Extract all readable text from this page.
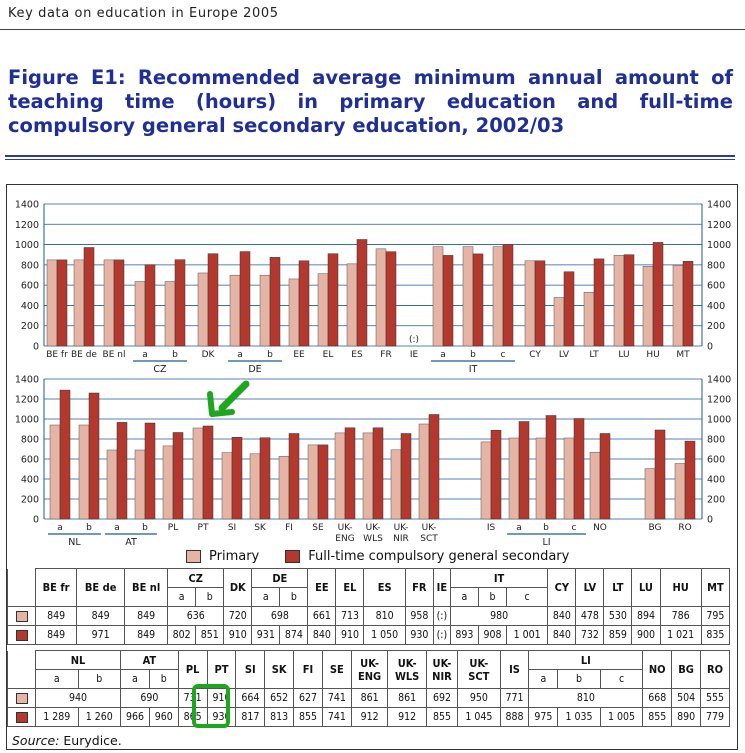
Key data on education in Europe 2005
Figure E1: Recommended average minimum annual amount of teaching time (hours) in primary education and full-time compulsory general secondary education, 2002/03
1400	1400
1200	1200
1000	1000
800	800
600	600
400	400
200	200
0	0
BE fr BE de BE nl a	b	DK	a	b EE EL ES FR IE a	b	c	CY LV LT LU HU MT
CZ	DE	IT
(:)
1400	1400
1200	1200
1000	1000
800	800
600	600
400	400
200	200
0	0
a	b a b PL PT SI SK FI SE UK-
ENG
UK-
WLS
UK-
NIR
UK-
SCT
IS a b	c NO	BG RO
NL	AT	LI
Primary	Full-time compulsory general secondary
	BE fr	BE de	BE nl	CZ		DK	DE		EE	EL	ES	FR	IE	IT			CY	LV	LT	LU	HU	MT
				a	b		a	b						a	b	c						
	849	849	849	636		720	698		661	713	810	958	(:)	980			840	478	530	894	786	795
	849	971	849	802	851	910	931	874	840	910	1 050	930	(:)	893	908	1 001	840	732	859	900	1 021	835
	NL		AT		PL	PT	SI	SK	FI	SE	UK-
ENG	UK-
WLS	UK-
NIR	UK-
SCT	IS	LI			NO	BG	RO
	a	b	a	b												a	b	c			
	940		690		731	910	664	652	627	741	861	861	692	950	771	810			668	504	555
	1 289	1 260	966	960	865	930	817	813	855	741	912	912	855	1 045	888	975	1 035	1 005	855	890	779
Source: Eurydice.
